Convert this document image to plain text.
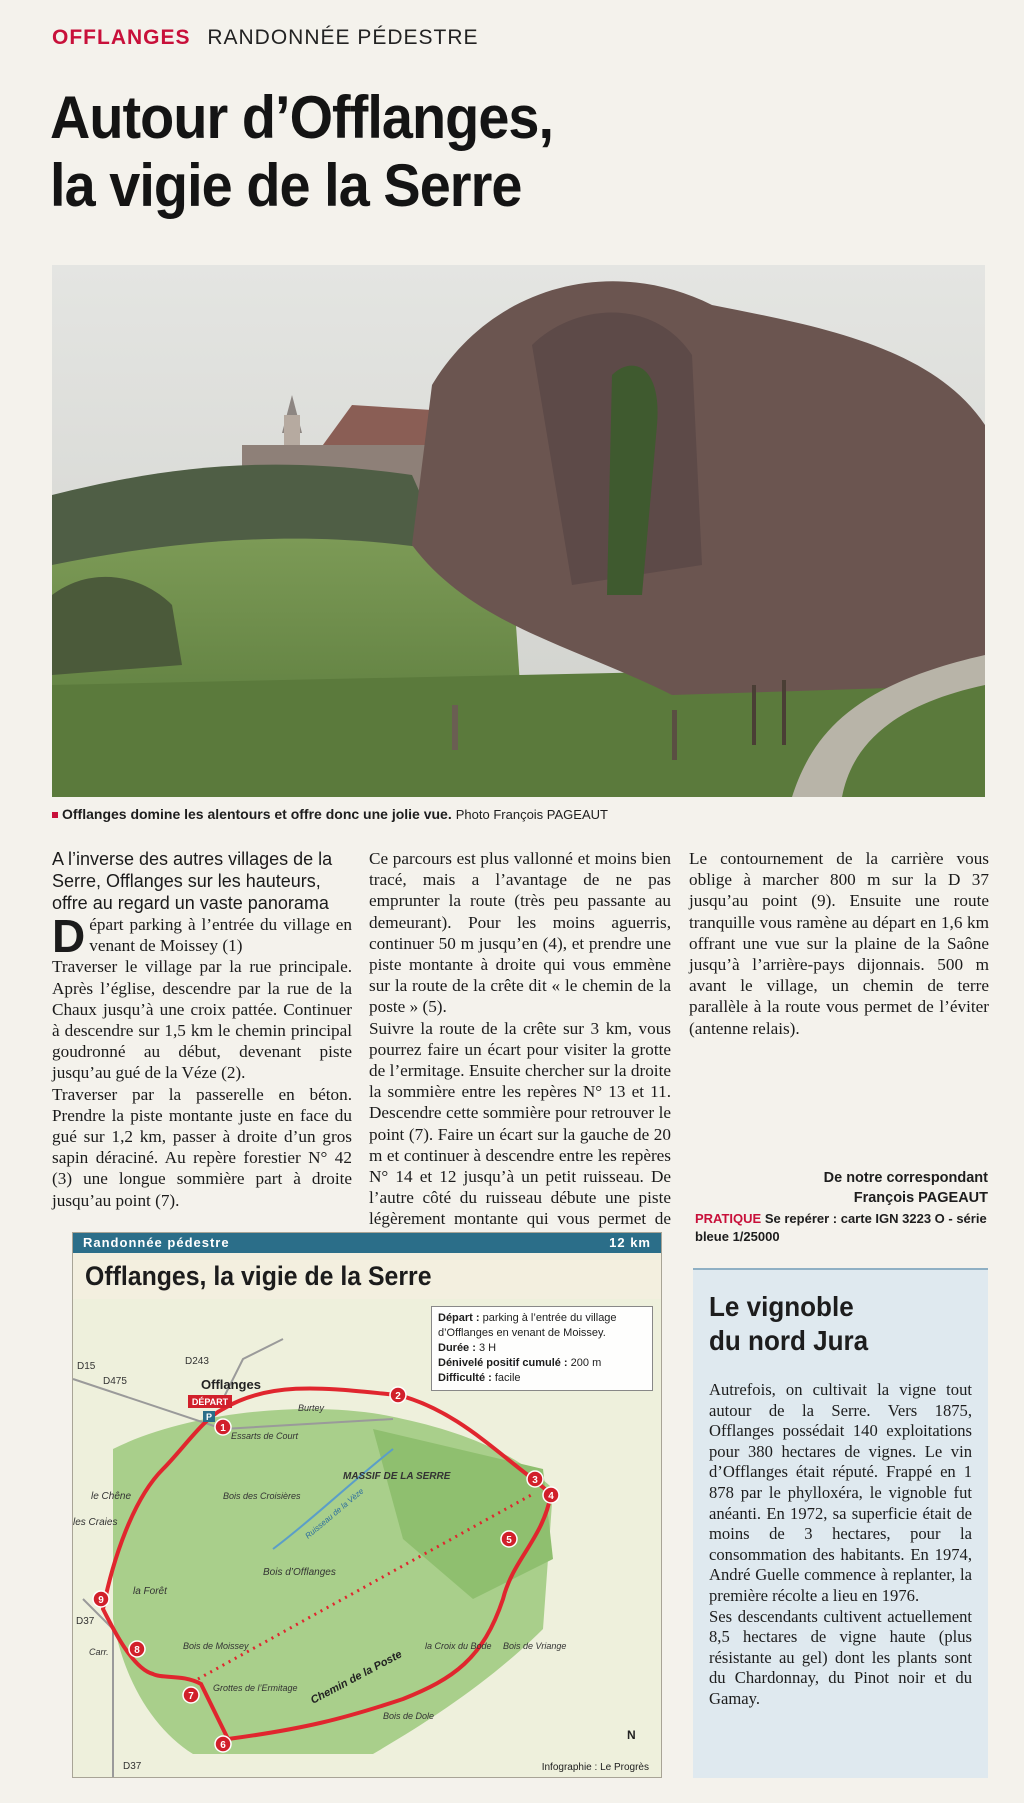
OFFLANGES RANDONNÉE PÉDESTRE
Autour d’Offlanges,
la vigie de la Serre
Offlanges domine les alentours et offre donc une jolie vue. Photo François PAGEAUT

A l’inverse des autres villages de la Serre, Offlanges sur les hauteurs, offre au regard un vaste panorama

Départ parking à l’entrée du village en venant de Moissey (1)

Traverser le village par la rue principale. Après l’église, descendre par la rue de la Chaux jusqu’à une croix pattée. Continuer à descendre sur 1,5 km le chemin principal goudronné au début, devenant piste jusqu’au gué de la Véze (2).

Traverser par la passerelle en béton. Prendre la piste montante juste en face du gué sur 1,2 km, passer à droite d’un gros sapin déraciné. Au repère forestier N° 42 (3) une longue sommière part à droite jusqu’au point (7).

Ce parcours est plus vallonné et moins bien tracé, mais a l’avantage de ne pas emprunter la route (très peu passante au demeurant). Pour les moins aguerris, continuer 50 m jusqu’en (4), et prendre une piste montante à droite qui vous emmène sur la route de la crête dit « le chemin de la poste » (5).

Suivre la route de la crête sur 3 km, vous pourrez faire un écart pour visiter la grotte de l’ermitage. Ensuite chercher sur la droite la sommière entre les repères N° 13 et 11. Descendre cette sommière pour retrouver le point (7). Faire un écart sur la gauche de 20 m et continuer à descendre entre les repères N° 14 et 12 jusqu’à un petit ruisseau. De l’autre côté du ruisseau débute une piste légèrement montante qui vous permet de

Le contournement de la carrière vous oblige à marcher 800 m sur la D 37 jusqu’au point (9). Ensuite une route tranquille vous ramène au départ en 1,6 km offrant une vue sur la plaine de la Saône jusqu’à l’arrière-pays dijonnais. 500 m avant le village, un chemin de terre parallèle à la route vous permet de l’éviter (antenne relais).

De notre correspondant
François PAGEAUT
PRATIQUE Se repérer : carte IGN 3223 O - série bleue 1/25000
Randonnée pédestre	12 km
Offlanges, la vigie de la Serre
1
2
3
4
5
6
7
8
9
DÉPART
P
Offlanges
D243
D475
D15
D37
D37
Essarts de Court
Burtey
le Chêne
les Craies
Bois des Croisières
MASSIF DE LA SERRE
Ruisseau de la Vèze
Bois d’Offlanges
la Forêt
Carr.
Bois de Moissey
Grottes de l’Ermitage Chemin de la Poste
la Croix du Bode Bois de Vriange
Bois de Dole
N
Départ : parking à l’entrée du village d’Offlanges en venant de Moissey.
Durée : 3 H
Dénivelé positif cumulé : 200 m
Difficulté : facile
Infographie : Le Progrès
Le vignoble
du nord Jura

Autrefois, on cultivait la vigne tout autour de la Serre. Vers 1875, Offlanges possédait 140 exploitations pour 380 hectares de vignes. Le vin d’Offlanges était réputé. Frappé en 1 878 par le phylloxéra, le vignoble fut anéanti. En 1972, sa superficie était de moins de 3 hectares, pour la consommation des habitants. En 1974, André Guelle commence à replanter, la première récolte a lieu en 1976.

Ses descendants cultivent actuellement 8,5 hectares de vigne haute (plus résistante au gel) dont les plants sont du Chardonnay, du Pinot noir et du Gamay.
